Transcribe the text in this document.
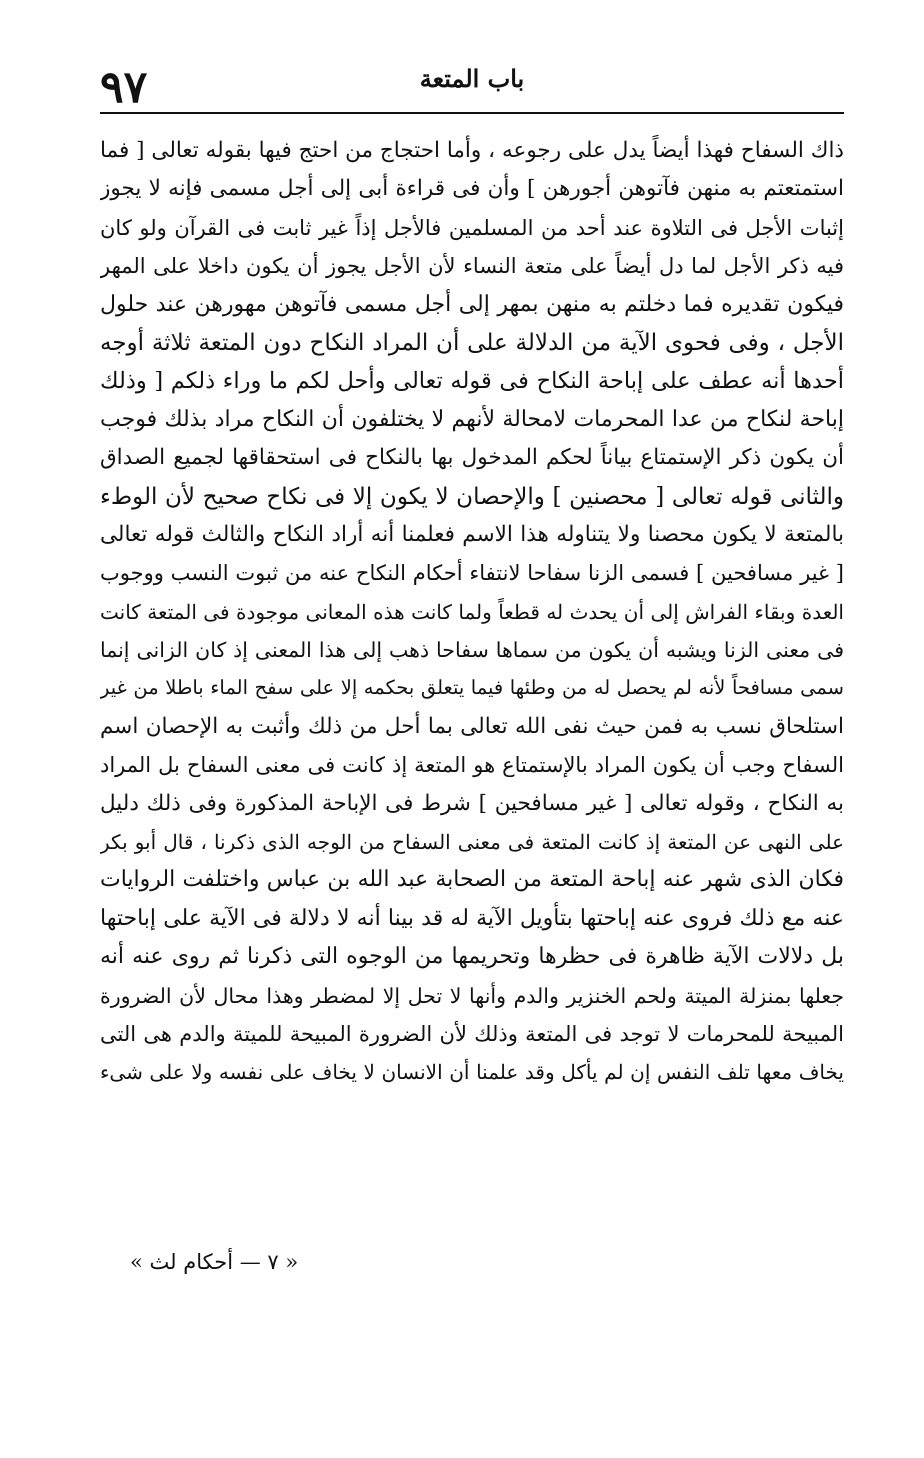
٩٧	باب المتعة
ذاك السفاح فهذا أيضاً يدل على رجوعه ، وأما احتجاج من احتج فيها بقوله تعالى [ فما
استمتعتم به منهن فآتوهن أجورهن ] وأن فى قراءة أبى إلى أجل مسمى فإنه لا يجوز
إثبات الأجل فى التلاوة عند أحد من المسلمين فالأجل إذاً غير ثابت فى القرآن ولو كان
فيه ذكر الأجل لما دل أيضاً على متعة النساء لأن الأجل يجوز أن يكون داخلا على المهر
فيكون تقديره فما دخلتم به منهن بمهر إلى أجل مسمى فآتوهن مهورهن عند حلول
الأجل ، وفى فحوى الآية من الدلالة على أن المراد النكاح دون المتعة ثلاثة أوجه
أحدها أنه عطف على إباحة النكاح فى قوله تعالى وأحل لكم ما وراء ذلكم [ وذلك
إباحة لنكاح من عدا المحرمات لامحالة لأنهم لا يختلفون أن النكاح مراد بذلك فوجب
أن يكون ذكر الإستمتاع بياناً لحكم المدخول بها بالنكاح فى استحقاقها لجميع الصداق
والثانى قوله تعالى [ محصنين ] والإحصان لا يكون إلا فى نكاح صحيح لأن الوطء
بالمتعة لا يكون محصنا ولا يتناوله هذا الاسم فعلمنا أنه أراد النكاح والثالث قوله تعالى
[ غير مسافحين ] فسمى الزنا سفاحا لانتفاء أحكام النكاح عنه من ثبوت النسب ووجوب
العدة وبقاء الفراش إلى أن يحدث له قطعاً ولما كانت هذه المعانى موجودة فى المتعة كانت
فى معنى الزنا ويشبه أن يكون من سماها سفاحا ذهب إلى هذا المعنى إذ كان الزانى إنما
سمى مسافحاً لأنه لم يحصل له من وطئها فيما يتعلق بحكمه إلا على سفح الماء باطلا من غير
استلحاق نسب به فمن حيث نفى الله تعالى بما أحل من ذلك وأثبت به الإحصان اسم
السفاح وجب أن يكون المراد بالإستمتاع هو المتعة إذ كانت فى معنى السفاح بل المراد
به النكاح ، وقوله تعالى [ غير مسافحين ] شرط فى الإباحة المذكورة وفى ذلك دليل
على النهى عن المتعة إذ كانت المتعة فى معنى السفاح من الوجه الذى ذكرنا ، قال أبو بكر
فكان الذى شهر عنه إباحة المتعة من الصحابة عبد الله بن عباس واختلفت الروايات
عنه مع ذلك فروى عنه إباحتها بتأويل الآية له قد بينا أنه لا دلالة فى الآية على إباحتها
بل دلالات الآية ظاهرة فى حظرها وتحريمها من الوجوه التى ذكرنا ثم روى عنه أنه
جعلها بمنزلة الميتة ولحم الخنزير والدم وأنها لا تحل إلا لمضطر وهذا محال لأن الضرورة
المبيحة للمحرمات لا توجد فى المتعة وذلك لأن الضرورة المبيحة للميتة والدم هى التى
يخاف معها تلف النفس إن لم يأكل وقد علمنا أن الانسان لا يخاف على نفسه ولا على شىء
« ٧ — أحكام لث »
